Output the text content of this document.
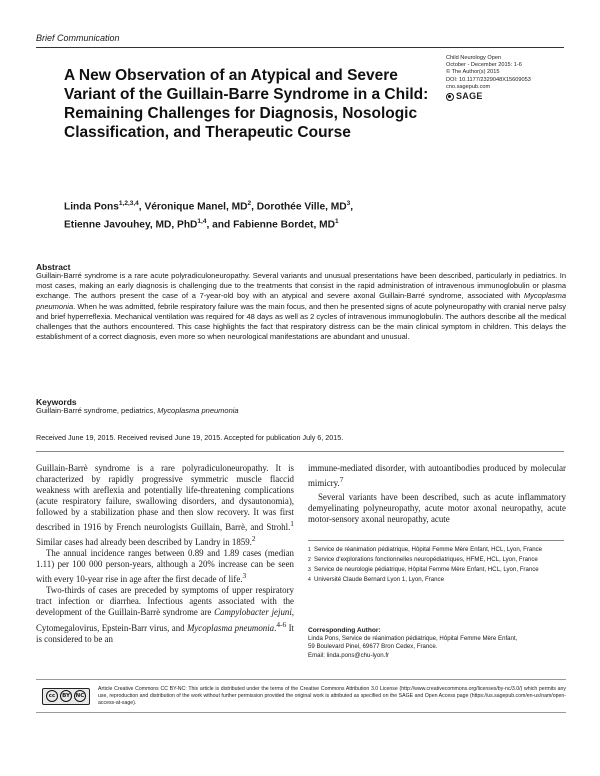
Brief Communication
A New Observation of an Atypical and Severe Variant of the Guillain-Barre Syndrome in a Child: Remaining Challenges for Diagnosis, Nosologic Classification, and Therapeutic Course
Child Neurology Open
October - December 2015: 1-6
© The Author(s) 2015
DOI: 10.1177/2329048X15609053
cno.sagepub.com
SAGE
Linda Pons$^{1,2,3,4}$, Véronique Manel, $MD^2$, Dorothée Ville, $MD^3$,
Etienne Javouhey, MD, PhD$^{1,4}$, and Fabienne Bordet, $MD^1$
Abstract

Guillain-Barré syndrome is a rare acute polyradiculoneuropathy. Several variants and unusual presentations have been described, particularly in pediatrics. In most cases, making an early diagnosis is challenging due to the treatments that consist in the rapid administration of intravenous immunoglobulin or plasma exchange. The authors present the case of a 7-year-old boy with an atypical and severe axonal Guillain-Barré syndrome, associated with Mycoplasma pneumonia. When he was admitted, febrile respiratory failure was the main focus, and then he presented signs of acute polyneuropathy with cranial nerve palsy and brief hyperreflexia. Mechanical ventilation was required for 48 days as well as 2 cycles of intravenous immunoglobulin. The authors describe all the medical challenges that the authors encountered. This case highlights the fact that respiratory distress can be the main clinical symptom in children. This delays the establishment of a correct diagnosis, even more so when neurological manifestations are abundant and unusual.

Keywords
Guillain-Barré syndrome, pediatrics, Mycoplasma pneumonia
Received June 19, 2015. Received revised June 19, 2015. Accepted for publication July 6, 2015.

Guillain-Barrè syndrome is a rare polyradiculoneuropathy. It is characterized by rapidly progressive symmetric muscle flaccid weakness with areflexia and potentially life-threatening complications (acute respiratory failure, swallowing disorders, and dysautonomia), followed by a stabilization phase and then slow recovery. It was first described in 1916 by French neurologists Guillain, Barrè, and Strohl.$^1$ Similar cases had already been described by Landry in 1859.$^2$

The annual incidence ranges between 0.89 and 1.89 cases (median 1.11) per 100 000 person-years, although a 20% increase can be seen with every 10-year rise in age after the first decade of life.$^3$

Two-thirds of cases are preceded by symptoms of upper respiratory tract infection or diarrhea. Infectious agents associated with the development of the Guillain-Barrè syndrome are Campylobacter jejuni, Cytomegalovirus, Epstein-Barr virus, and Mycoplasma pneumonia.$^{4-6}$ It is considered to be an

immune-mediated disorder, with autoantibodies produced by molecular mimicry.$^7$

Several variants have been described, such as acute inflammatory demyelinating polyneuropathy, acute motor axonal neuropathy, acute motor-sensory axonal neuropathy, acute

1 Service de réanimation pédiatrique, Hôpital Femme Mère Enfant, HCL, Lyon, France
2 Service d'explorations fonctionnelles neuropédiatriques, HFME, HCL, Lyon, France
3 Service de neurologie pédiatrique, Hôpital Femme Mère Enfant, HCL, Lyon, France
4 Université Claude Bernard Lyon 1, Lyon, France
Corresponding Author:
Linda Pons, Service de réanimation pédiatrique, Hôpital Femme Mère Enfant,
59 Boulevard Pinel, 69677 Bron Cedex, France.
Email: linda.pons@chu-lyon.fr
cc	BY	NC

Article Creative Commons CC BY-NC: This article is distributed under the terms of the Creative Commons Attribution 3.0 License (http://www.creativecommons.org/licenses/by-nc/3.0/) which permits any use, reproduction and distribution of the work without further permission provided the original work is attributed as specified on the SAGE and Open Access page (https://us.sagepub.com/en-us/nam/open-access-at-sage).
